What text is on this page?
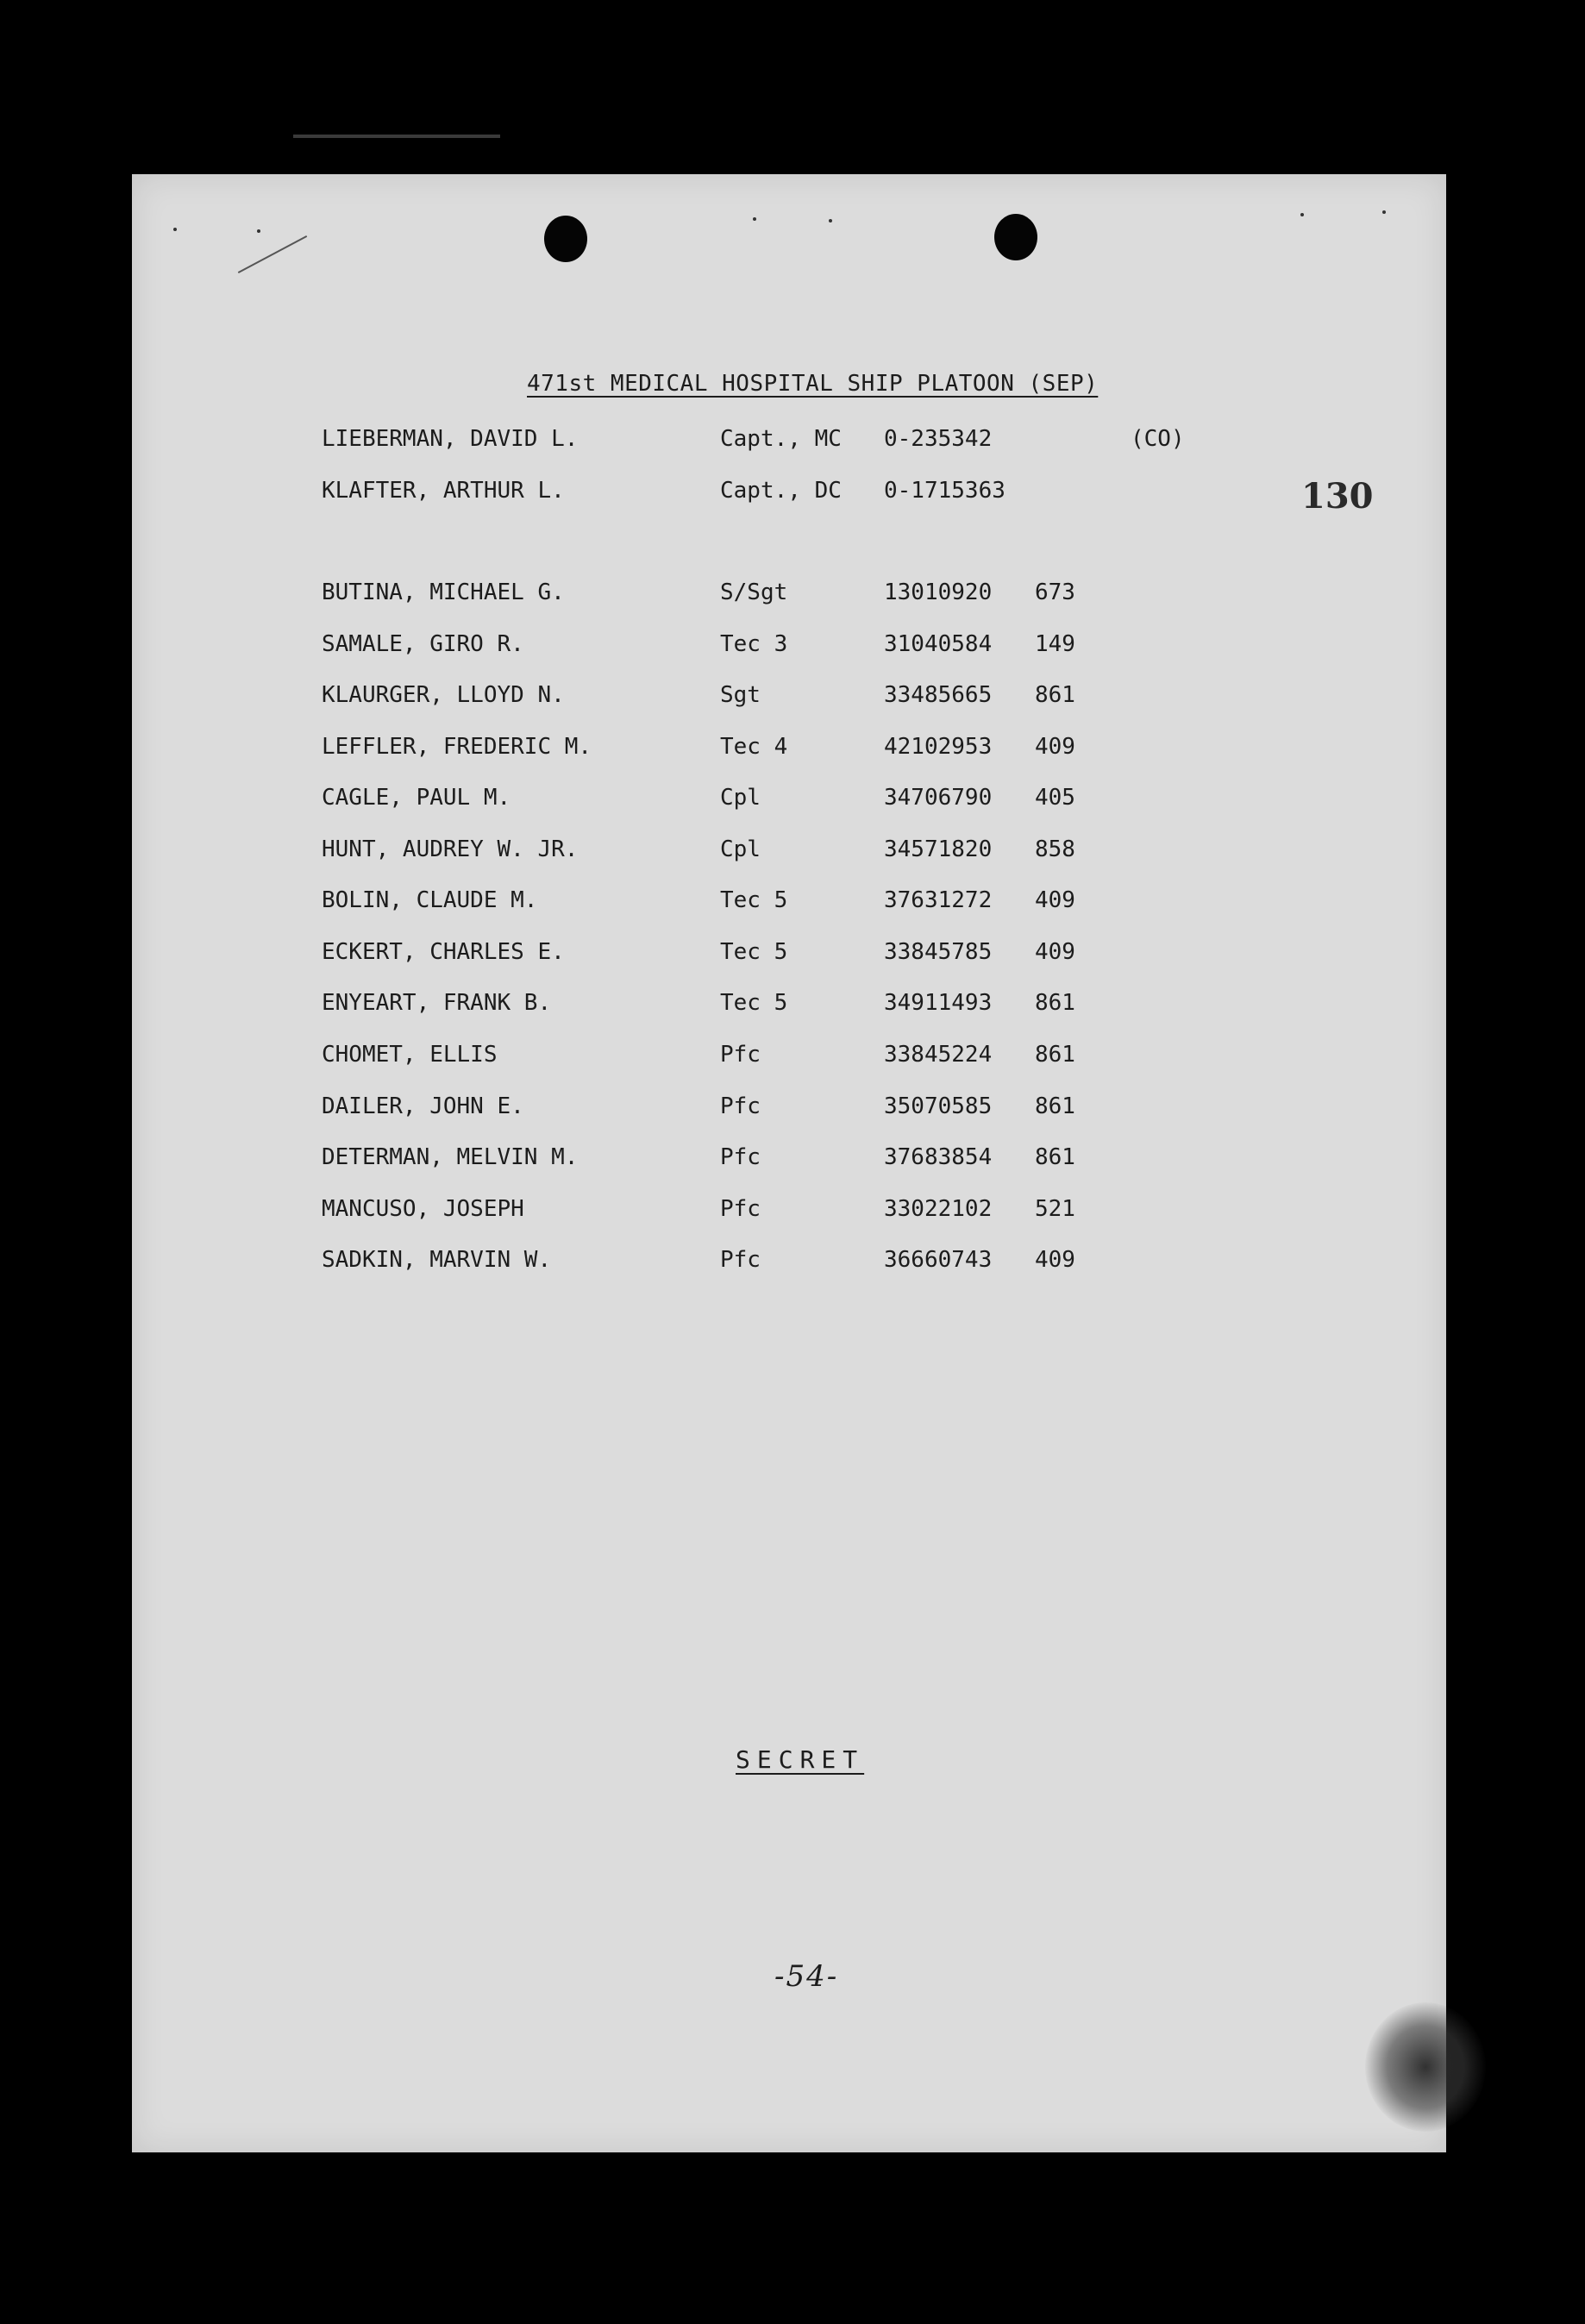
471st MEDICAL HOSPITAL SHIP PLATOON (SEP)
130
LIEBERMAN, DAVID L.	Capt., MC 0-235342	(CO)
KLAFTER, ARTHUR L.	Capt., DC 0-1715363
BUTINA, MICHAEL G.	S/Sgt	13010920 673
SAMALE, GIRO R.	Tec 3	31040584 149
KLAURGER, LLOYD N.	Sgt	33485665 861
LEFFLER, FREDERIC M.	Tec 4	42102953 409
CAGLE, PAUL M.	Cpl	34706790 405
HUNT, AUDREY W. JR.	Cpl	34571820 858
BOLIN, CLAUDE M.	Tec 5	37631272 409
ECKERT, CHARLES E.	Tec 5	33845785 409
ENYEART, FRANK B.	Tec 5	34911493 861
CHOMET, ELLIS	Pfc	33845224 861
DAILER, JOHN E.	Pfc	35070585 861
DETERMAN, MELVIN M.	Pfc	37683854 861
MANCUSO, JOSEPH	Pfc	33022102 521
SADKIN, MARVIN W.	Pfc	36660743 409
SECRET
-54-
